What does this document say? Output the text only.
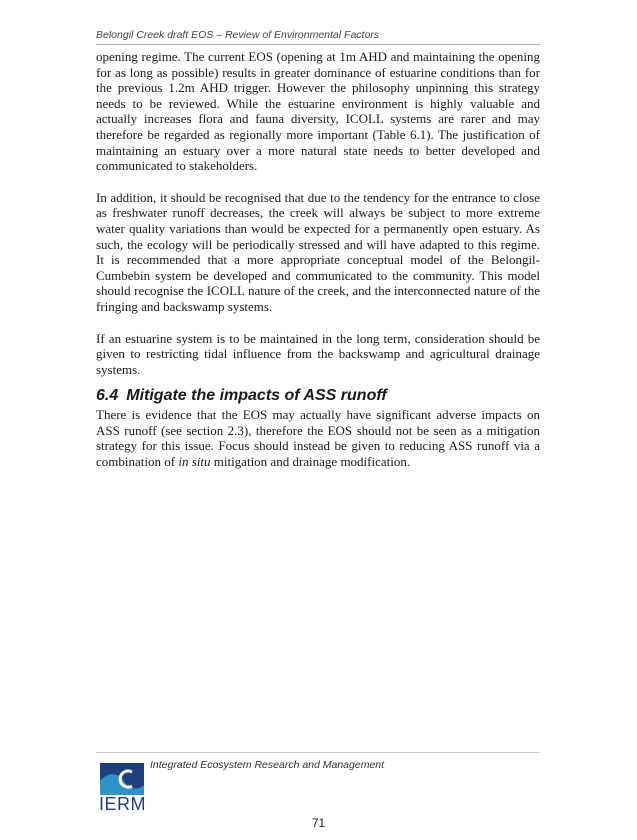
Belongil Creek draft EOS – Review of Environmental Factors

opening regime. The current EOS (opening at 1m AHD and maintaining the opening for as long as possible) results in greater dominance of estuarine conditions than for the previous 1.2m AHD trigger. However the philosophy unpinning this strategy needs to be reviewed. While the estuarine environment is highly valuable and actually increases flora and fauna diversity, ICOLL systems are rarer and may therefore be regarded as regionally more important (Table 6.1). The justification of maintaining an estuary over a more natural state needs to better developed and communicated to stakeholders.

In addition, it should be recognised that due to the tendency for the entrance to close as freshwater runoff decreases, the creek will always be subject to more extreme water quality variations than would be expected for a permanently open estuary. As such, the ecology will be periodically stressed and will have adapted to this regime. It is recommended that a more appropriate conceptual model of the Belongil-Cumbebin system be developed and communicated to the community. This model should recognise the ICOLL nature of the creek, and the interconnected nature of the fringing and backswamp systems.

If an estuarine system is to be maintained in the long term, consideration should be given to restricting tidal influence from the backswamp and agricultural drainage systems.

6.4 Mitigate the impacts of ASS runoff

There is evidence that the EOS may actually have significant adverse impacts on ASS runoff (see section 2.3), therefore the EOS should not be seen as a mitigation strategy for this issue. Focus should instead be given to reducing ASS runoff via a combination of in situ mitigation and drainage modification.

Integrated Ecosystem Research and Management
IERM
71
